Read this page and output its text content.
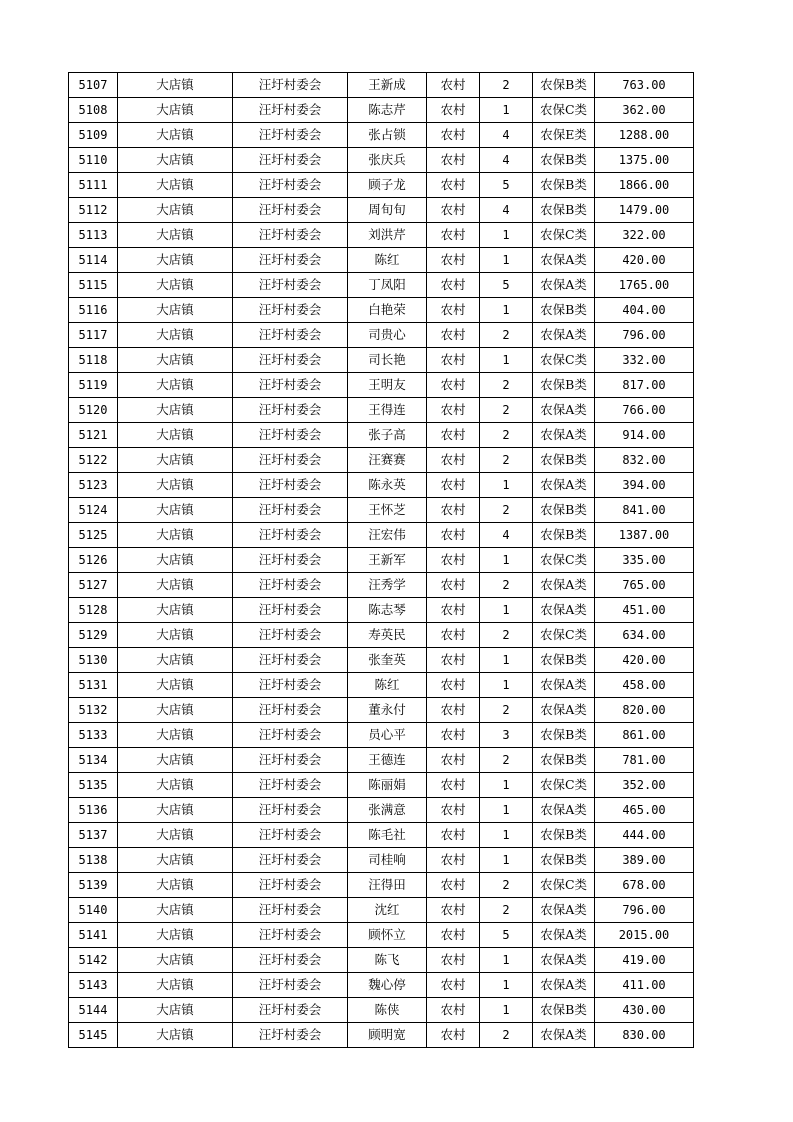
5107	大店镇	汪圩村委会	王新成	农村	2	农保B类	763.00
5108	大店镇	汪圩村委会	陈志芹	农村	1	农保C类	362.00
5109	大店镇	汪圩村委会	张占锁	农村	4	农保E类	1288.00
5110	大店镇	汪圩村委会	张庆兵	农村	4	农保B类	1375.00
5111	大店镇	汪圩村委会	顾子龙	农村	5	农保B类	1866.00
5112	大店镇	汪圩村委会	周旬旬	农村	4	农保B类	1479.00
5113	大店镇	汪圩村委会	刘洪芹	农村	1	农保C类	322.00
5114	大店镇	汪圩村委会	陈红	农村	1	农保A类	420.00
5115	大店镇	汪圩村委会	丁凤阳	农村	5	农保A类	1765.00
5116	大店镇	汪圩村委会	白艳荣	农村	1	农保B类	404.00
5117	大店镇	汪圩村委会	司贵心	农村	2	农保A类	796.00
5118	大店镇	汪圩村委会	司长艳	农村	1	农保C类	332.00
5119	大店镇	汪圩村委会	王明友	农村	2	农保B类	817.00
5120	大店镇	汪圩村委会	王得连	农村	2	农保A类	766.00
5121	大店镇	汪圩村委会	张子高	农村	2	农保A类	914.00
5122	大店镇	汪圩村委会	汪赛赛	农村	2	农保B类	832.00
5123	大店镇	汪圩村委会	陈永英	农村	1	农保A类	394.00
5124	大店镇	汪圩村委会	王怀芝	农村	2	农保B类	841.00
5125	大店镇	汪圩村委会	汪宏伟	农村	4	农保B类	1387.00
5126	大店镇	汪圩村委会	王新军	农村	1	农保C类	335.00
5127	大店镇	汪圩村委会	汪秀学	农村	2	农保A类	765.00
5128	大店镇	汪圩村委会	陈志琴	农村	1	农保A类	451.00
5129	大店镇	汪圩村委会	寿英民	农村	2	农保C类	634.00
5130	大店镇	汪圩村委会	张奎英	农村	1	农保B类	420.00
5131	大店镇	汪圩村委会	陈红	农村	1	农保A类	458.00
5132	大店镇	汪圩村委会	董永付	农村	2	农保A类	820.00
5133	大店镇	汪圩村委会	员心平	农村	3	农保B类	861.00
5134	大店镇	汪圩村委会	王德连	农村	2	农保B类	781.00
5135	大店镇	汪圩村委会	陈丽娟	农村	1	农保C类	352.00
5136	大店镇	汪圩村委会	张满意	农村	1	农保A类	465.00
5137	大店镇	汪圩村委会	陈毛社	农村	1	农保B类	444.00
5138	大店镇	汪圩村委会	司桂响	农村	1	农保B类	389.00
5139	大店镇	汪圩村委会	汪得田	农村	2	农保C类	678.00
5140	大店镇	汪圩村委会	沈红	农村	2	农保A类	796.00
5141	大店镇	汪圩村委会	顾怀立	农村	5	农保A类	2015.00
5142	大店镇	汪圩村委会	陈飞	农村	1	农保A类	419.00
5143	大店镇	汪圩村委会	魏心停	农村	1	农保A类	411.00
5144	大店镇	汪圩村委会	陈侠	农村	1	农保B类	430.00
5145	大店镇	汪圩村委会	顾明宽	农村	2	农保A类	830.00
